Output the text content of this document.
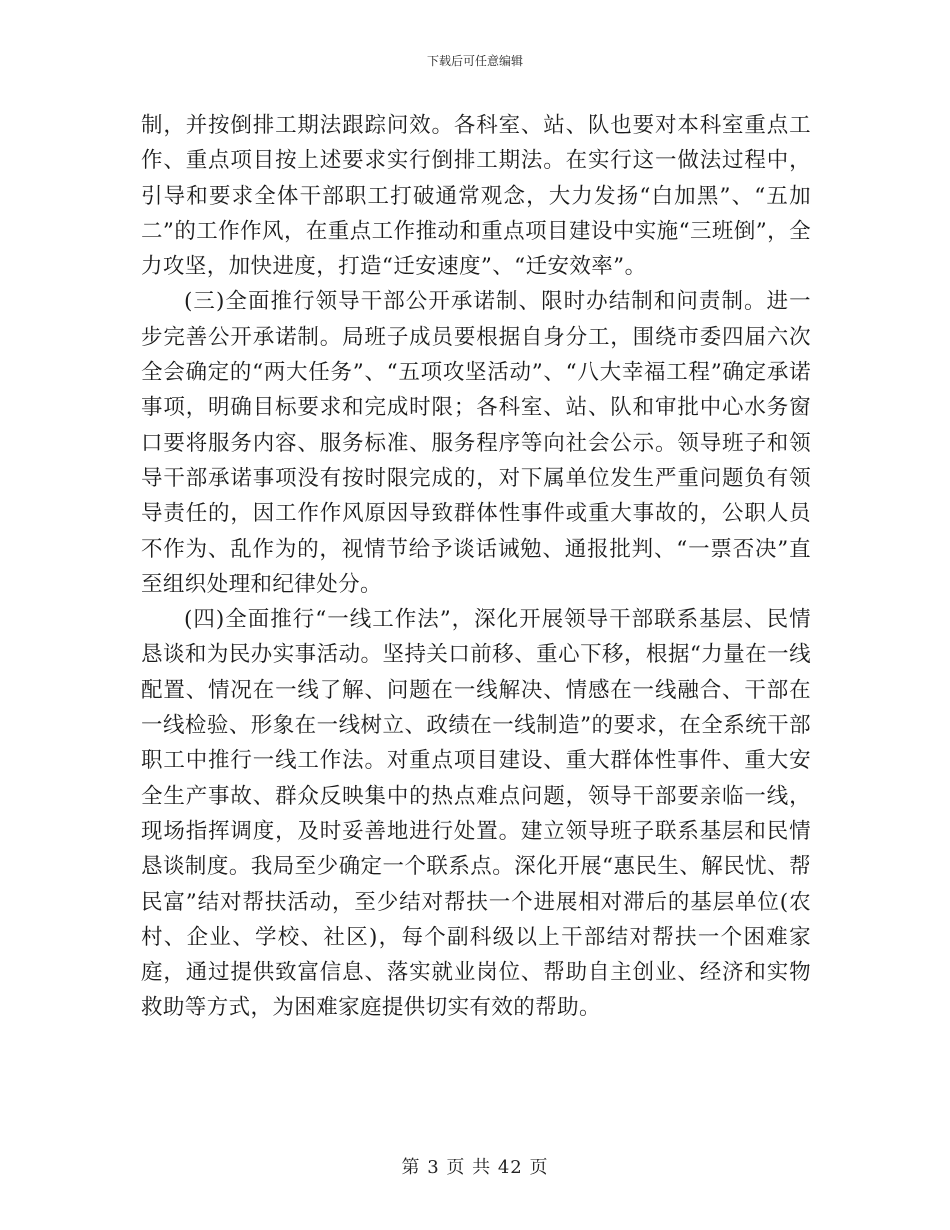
下载后可任意编辑

制，并按倒排工期法跟踪问效。各科室、站、队也要对本科室重点工作、重点项目按上述要求实行倒排工期法。在实行这一做法过程中，引导和要求全体干部职工打破通常观念，大力发扬“白加黑”、“五加二”的工作作风，在重点工作推动和重点项目建设中实施“三班倒”，全力攻坚，加快进度，打造“迁安速度”、“迁安效率”。

(三)全面推行领导干部公开承诺制、限时办结制和问责制。进一步完善公开承诺制。局班子成员要根据自身分工，围绕市委四届六次全会确定的“两大任务”、“五项攻坚活动”、“八大幸福工程”确定承诺事项，明确目标要求和完成时限；各科室、站、队和审批中心水务窗口要将服务内容、服务标准、服务程序等向社会公示。领导班子和领导干部承诺事项没有按时限完成的，对下属单位发生严重问题负有领导责任的，因工作作风原因导致群体性事件或重大事故的，公职人员不作为、乱作为的，视情节给予谈话诫勉、通报批判、“一票否决”直至组织处理和纪律处分。

(四)全面推行“一线工作法”，深化开展领导干部联系基层、民情恳谈和为民办实事活动。坚持关口前移、重心下移，根据“力量在一线配置、情况在一线了解、问题在一线解决、情感在一线融合、干部在一线检验、形象在一线树立、政绩在一线制造”的要求，在全系统干部职工中推行一线工作法。对重点项目建设、重大群体性事件、重大安全生产事故、群众反映集中的热点难点问题，领导干部要亲临一线，现场指挥调度，及时妥善地进行处置。建立领导班子联系基层和民情恳谈制度。我局至少确定一个联系点。深化开展“惠民生、解民忧、帮民富”结对帮扶活动，至少结对帮扶一个进展相对滞后的基层单位(农村、企业、学校、社区)，每个副科级以上干部结对帮扶一个困难家庭，通过提供致富信息、落实就业岗位、帮助自主创业、经济和实物救助等方式，为困难家庭提供切实有效的帮助。

第 3 页 共 42 页
